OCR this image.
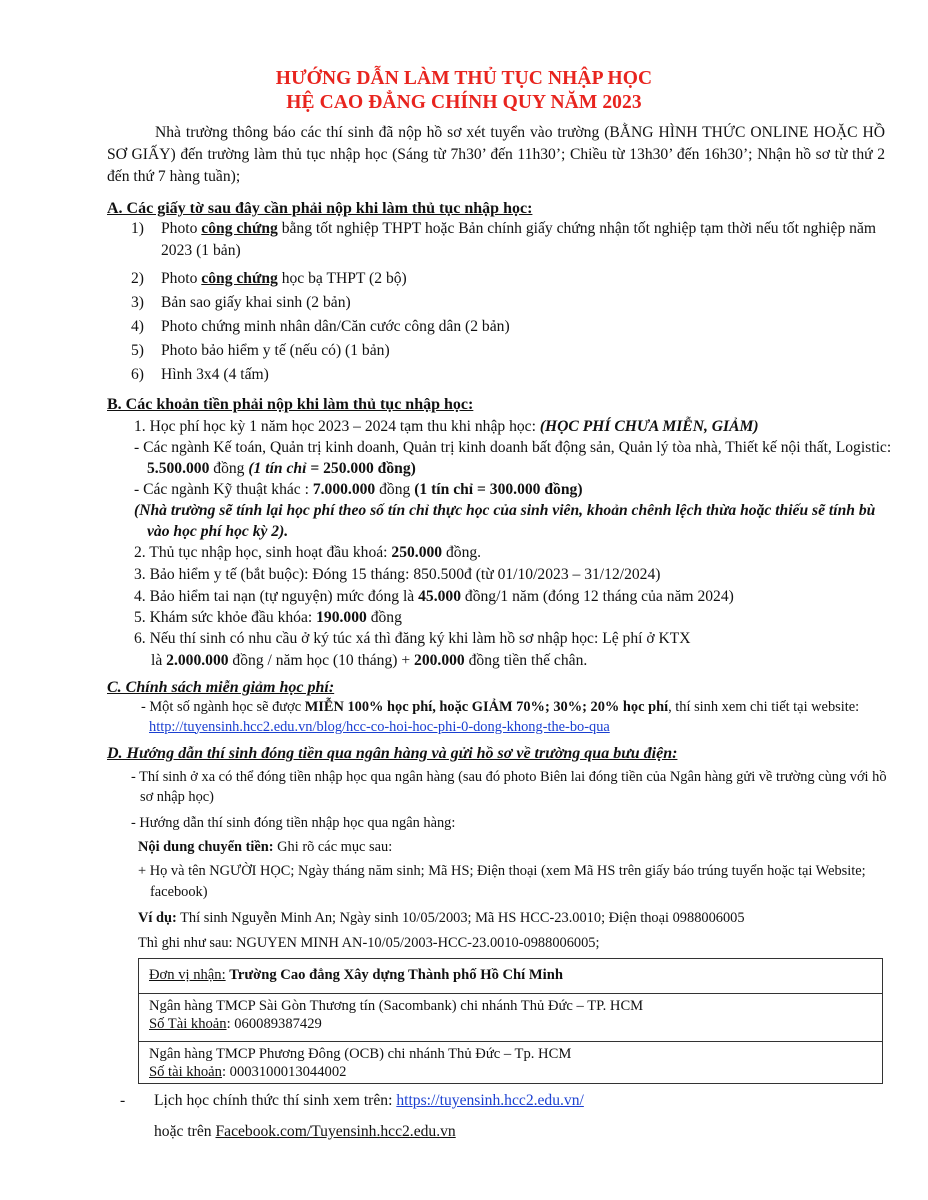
HƯỚNG DẪN LÀM THỦ TỤC NHẬP HỌC
HỆ CAO ĐẲNG CHÍNH QUY NĂM 2023
Nhà trường thông báo các thí sinh đã nộp hồ sơ xét tuyển vào trường (BẰNG HÌNH THỨC ONLINE HOẶC HỒ SƠ GIẤY) đến trường làm thủ tục nhập học (Sáng từ 7h30’ đến 11h30’; Chiều từ 13h30’ đến 16h30’; Nhận hồ sơ từ thứ 2 đến thứ 7 hàng tuần);
A. Các giấy tờ sau đây cần phải nộp khi làm thủ tục nhập học:
1) Photo công chứng bằng tốt nghiệp THPT hoặc Bản chính giấy chứng nhận tốt nghiệp tạm thời nếu tốt nghiệp năm 2023 (1 bản)
2) Photo công chứng học bạ THPT (2 bộ)
3) Bản sao giấy khai sinh (2 bản)
4) Photo chứng minh nhân dân/Căn cước công dân (2 bản)
5) Photo bảo hiểm y tế (nếu có) (1 bản)
6) Hình 3x4 (4 tấm)
B. Các khoản tiền phải nộp khi làm thủ tục nhập học:
1. Học phí học kỳ 1 năm học 2023 – 2024 tạm thu khi nhập học: (HỌC PHÍ CHƯA MIỄN, GIẢM)
- Các ngành Kế toán, Quản trị kinh doanh, Quản trị kinh doanh bất động sản, Quản lý tòa nhà, Thiết kế nội thất, Logistic: 5.500.000 đồng (1 tín chỉ = 250.000 đồng)
- Các ngành Kỹ thuật khác : 7.000.000 đồng (1 tín chỉ = 300.000 đồng)
(Nhà trường sẽ tính lại học phí theo số tín chỉ thực học của sinh viên, khoản chênh lệch thừa hoặc thiếu sẽ tính bù vào học phí học kỳ 2).
2. Thủ tục nhập học, sinh hoạt đầu khoá: 250.000 đồng.
3. Bảo hiểm y tế (bắt buộc): Đóng 15 tháng: 850.500đ (từ 01/10/2023 – 31/12/2024)
4. Bảo hiểm tai nạn (tự nguyện) mức đóng là 45.000 đồng/1 năm (đóng 12 tháng của năm 2024)
5. Khám sức khỏe đầu khóa: 190.000 đồng
6. Nếu thí sinh có nhu cầu ở ký túc xá thì đăng ký khi làm hồ sơ nhập học: Lệ phí ở KTX
là 2.000.000 đồng / năm học (10 tháng) + 200.000 đồng tiền thế chân.
C. Chính sách miễn giảm học phí:
- Một số ngành học sẽ được MIỄN 100% học phí, hoặc GIẢM 70%; 30%; 20% học phí, thí sinh xem chi tiết tại website: http://tuyensinh.hcc2.edu.vn/blog/hcc-co-hoi-hoc-phi-0-dong-khong-the-bo-qua
D. Hướng dẫn thí sinh đóng tiền qua ngân hàng và gửi hồ sơ về trường qua bưu điện:
- Thí sinh ở xa có thể đóng tiền nhập học qua ngân hàng (sau đó photo Biên lai đóng tiền của Ngân hàng gửi về trường cùng với hồ sơ nhập học)
- Hướng dẫn thí sinh đóng tiền nhập học qua ngân hàng:
Nội dung chuyển tiền: Ghi rõ các mục sau:
+ Họ và tên NGƯỜI HỌC; Ngày tháng năm sinh; Mã HS; Điện thoại (xem Mã HS trên giấy báo trúng tuyển hoặc tại Website; facebook)
Ví dụ: Thí sinh Nguyễn Minh An; Ngày sinh 10/05/2003; Mã HS HCC-23.0010; Điện thoại 0988006005
Thì ghi như sau: NGUYEN MINH AN-10/05/2003-HCC-23.0010-0988006005;
Đơn vị nhận: Trường Cao đẳng Xây dựng Thành phố Hồ Chí Minh

Ngân hàng TMCP Sài Gòn Thương tín (Sacombank) chi nhánh Thủ Đức – TP. HCM
Số Tài khoản: 060089387429

Ngân hàng TMCP Phương Đông (OCB) chi nhánh Thủ Đức – Tp. HCM
Số tài khoản: 0003100013044002
- Lịch học chính thức thí sinh xem trên: https://tuyensinh.hcc2.edu.vn/
hoặc trên Facebook.com/Tuyensinh.hcc2.edu.vn
